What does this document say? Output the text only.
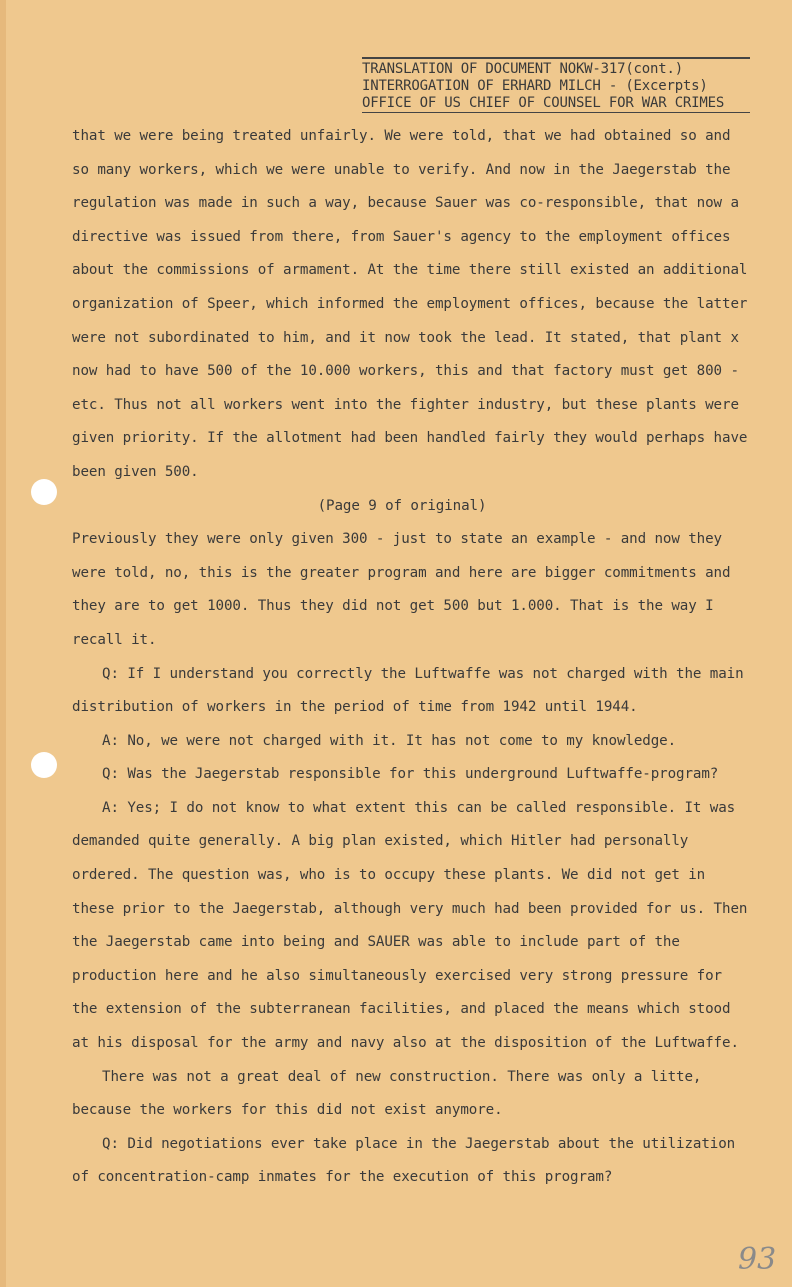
TRANSLATION OF DOCUMENT NOKW-317(cont.)
INTERROGATION OF ERHARD MILCH - (Excerpts)
OFFICE OF US CHIEF OF COUNSEL FOR WAR CRIMES

that we were being treated unfairly. We were told, that we had obtained so and so many workers, which we were unable to verify. And now in the Jaegerstab the regulation was made in such a way, because Sauer was co-responsible, that now a directive was issued from there, from Sauer's agency to the employment offices about the commissions of armament. At the time there still existed an additional organization of Speer, which informed the employment offices, because the latter were not subordinated to him, and it now took the lead. It stated, that plant x now had to have 500 of the 10.000 workers, this and that factory must get 800 - etc. Thus not all workers went into the fighter industry, but these plants were given priority. If the allotment had been handled fairly they would perhaps have been given 500.

(Page 9 of original)

Previously they were only given 300 - just to state an example - and now they were told, no, this is the greater program and here are bigger commitments and they are to get 1000. Thus they did not get 500 but 1.000. That is the way I recall it.

Q: If I understand you correctly the Luftwaffe was not charged with the main distribution of workers in the period of time from 1942 until 1944.

A: No, we were not charged with it. It has not come to my knowledge.

Q: Was the Jaegerstab responsible for this underground Luftwaffe-program?

A: Yes; I do not know to what extent this can be called responsible. It was demanded quite generally. A big plan existed, which Hitler had personally ordered. The question was, who is to occupy these plants. We did not get in these prior to the Jaegerstab, although very much had been provided for us. Then the Jaegerstab came into being and SAUER was able to include part of the production here and he also simultaneously exercised very strong pressure for the extension of the subterranean facilities, and placed the means which stood at his disposal for the army and navy also at the disposition of the Luftwaffe.

There was not a great deal of new construction. There was only a litte, because the workers for this did not exist anymore.

Q: Did negotiations ever take place in the Jaegerstab about the utilization of concentration-camp inmates for the execution of this program?

93
